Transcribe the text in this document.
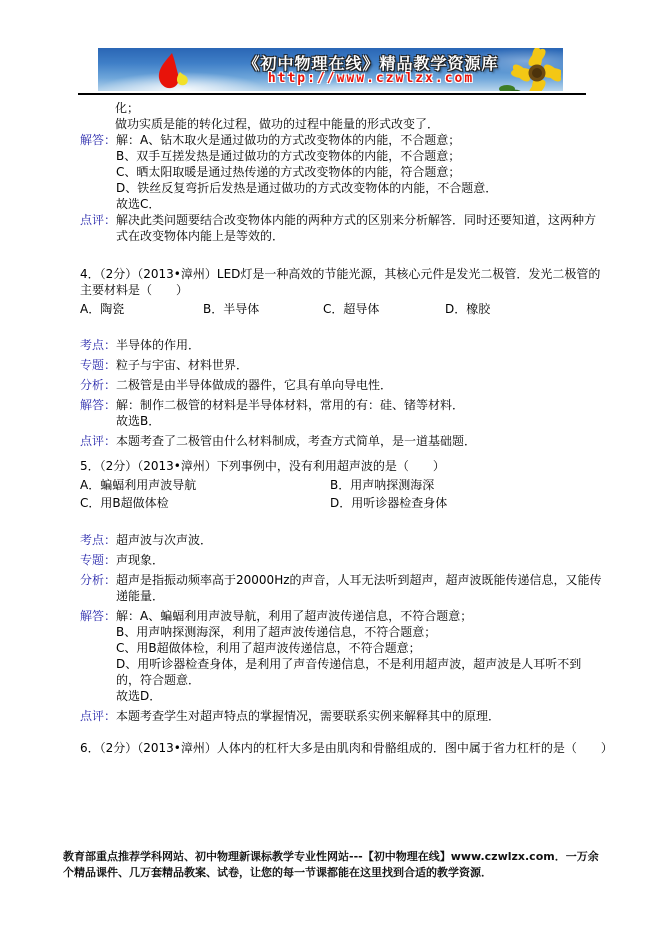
《初中物理在线》精品教学资源库
http://www.czwlzx.com
化；
做功实质是能的转化过程，做功的过程中能量的形式改变了．
解答： 解：A、钻木取火是通过做功的方式改变物体的内能，不合题意；
B、双手互搓发热是通过做功的方式改变物体的内能，不合题意；
C、晒太阳取暖是通过热传递的方式改变物体的内能，符合题意；
D、铁丝反复弯折后发热是通过做功的方式改变物体的内能，不合题意．
故选C．
点评： 解决此类问题要结合改变物体内能的两种方式的区别来分析解答．同时还要知道，这两种方式在改变物体内能上是等效的．
4．（2分）（2013•漳州）LED灯是一种高效的节能光源，其核心元件是发光二极管．发光二极管的主要材料是（　　）
A．陶瓷	B．半导体	C．超导体	D．橡胶
考点： 半导体的作用．
专题： 粒子与宇宙、材料世界．
分析： 二极管是由半导体做成的器件，它具有单向导电性．
解答： 解：制作二极管的材料是半导体材料，常用的有：硅、锗等材料．
故选B．
点评： 本题考查了二极管由什么材料制成，考查方式简单，是一道基础题．
5．（2分）（2013•漳州）下列事例中，没有利用超声波的是（　　）
A．蝙蝠利用声波导航	B．用声呐探测海深
C．用B超做体检	D．用听诊器检查身体
考点： 超声波与次声波．
专题： 声现象．
分析： 超声是指振动频率高于20000Hz的声音，人耳无法听到超声，超声波既能传递信息，又能传递能量．
解答： 解：A、蝙蝠利用声波导航，利用了超声波传递信息，不符合题意；
B、用声呐探测海深，利用了超声波传递信息，不符合题意；
C、用B超做体检，利用了超声波传递信息，不符合题意；
D、用听诊器检查身体，是利用了声音传递信息，不是利用超声波，超声波是人耳听不到的，符合题意．
故选D．
点评： 本题考查学生对超声特点的掌握情况，需要联系实例来解释其中的原理．
6．（2分）（2013•漳州）人体内的杠杆大多是由肌肉和骨骼组成的．图中属于省力杠杆的是（　　）
教育部重点推荐学科网站、初中物理新课标教学专业性网站---【初中物理在线】www.czwlzx.com．一万余个精品课件、几万套精品教案、试卷，让您的每一节课都能在这里找到合适的教学资源．
